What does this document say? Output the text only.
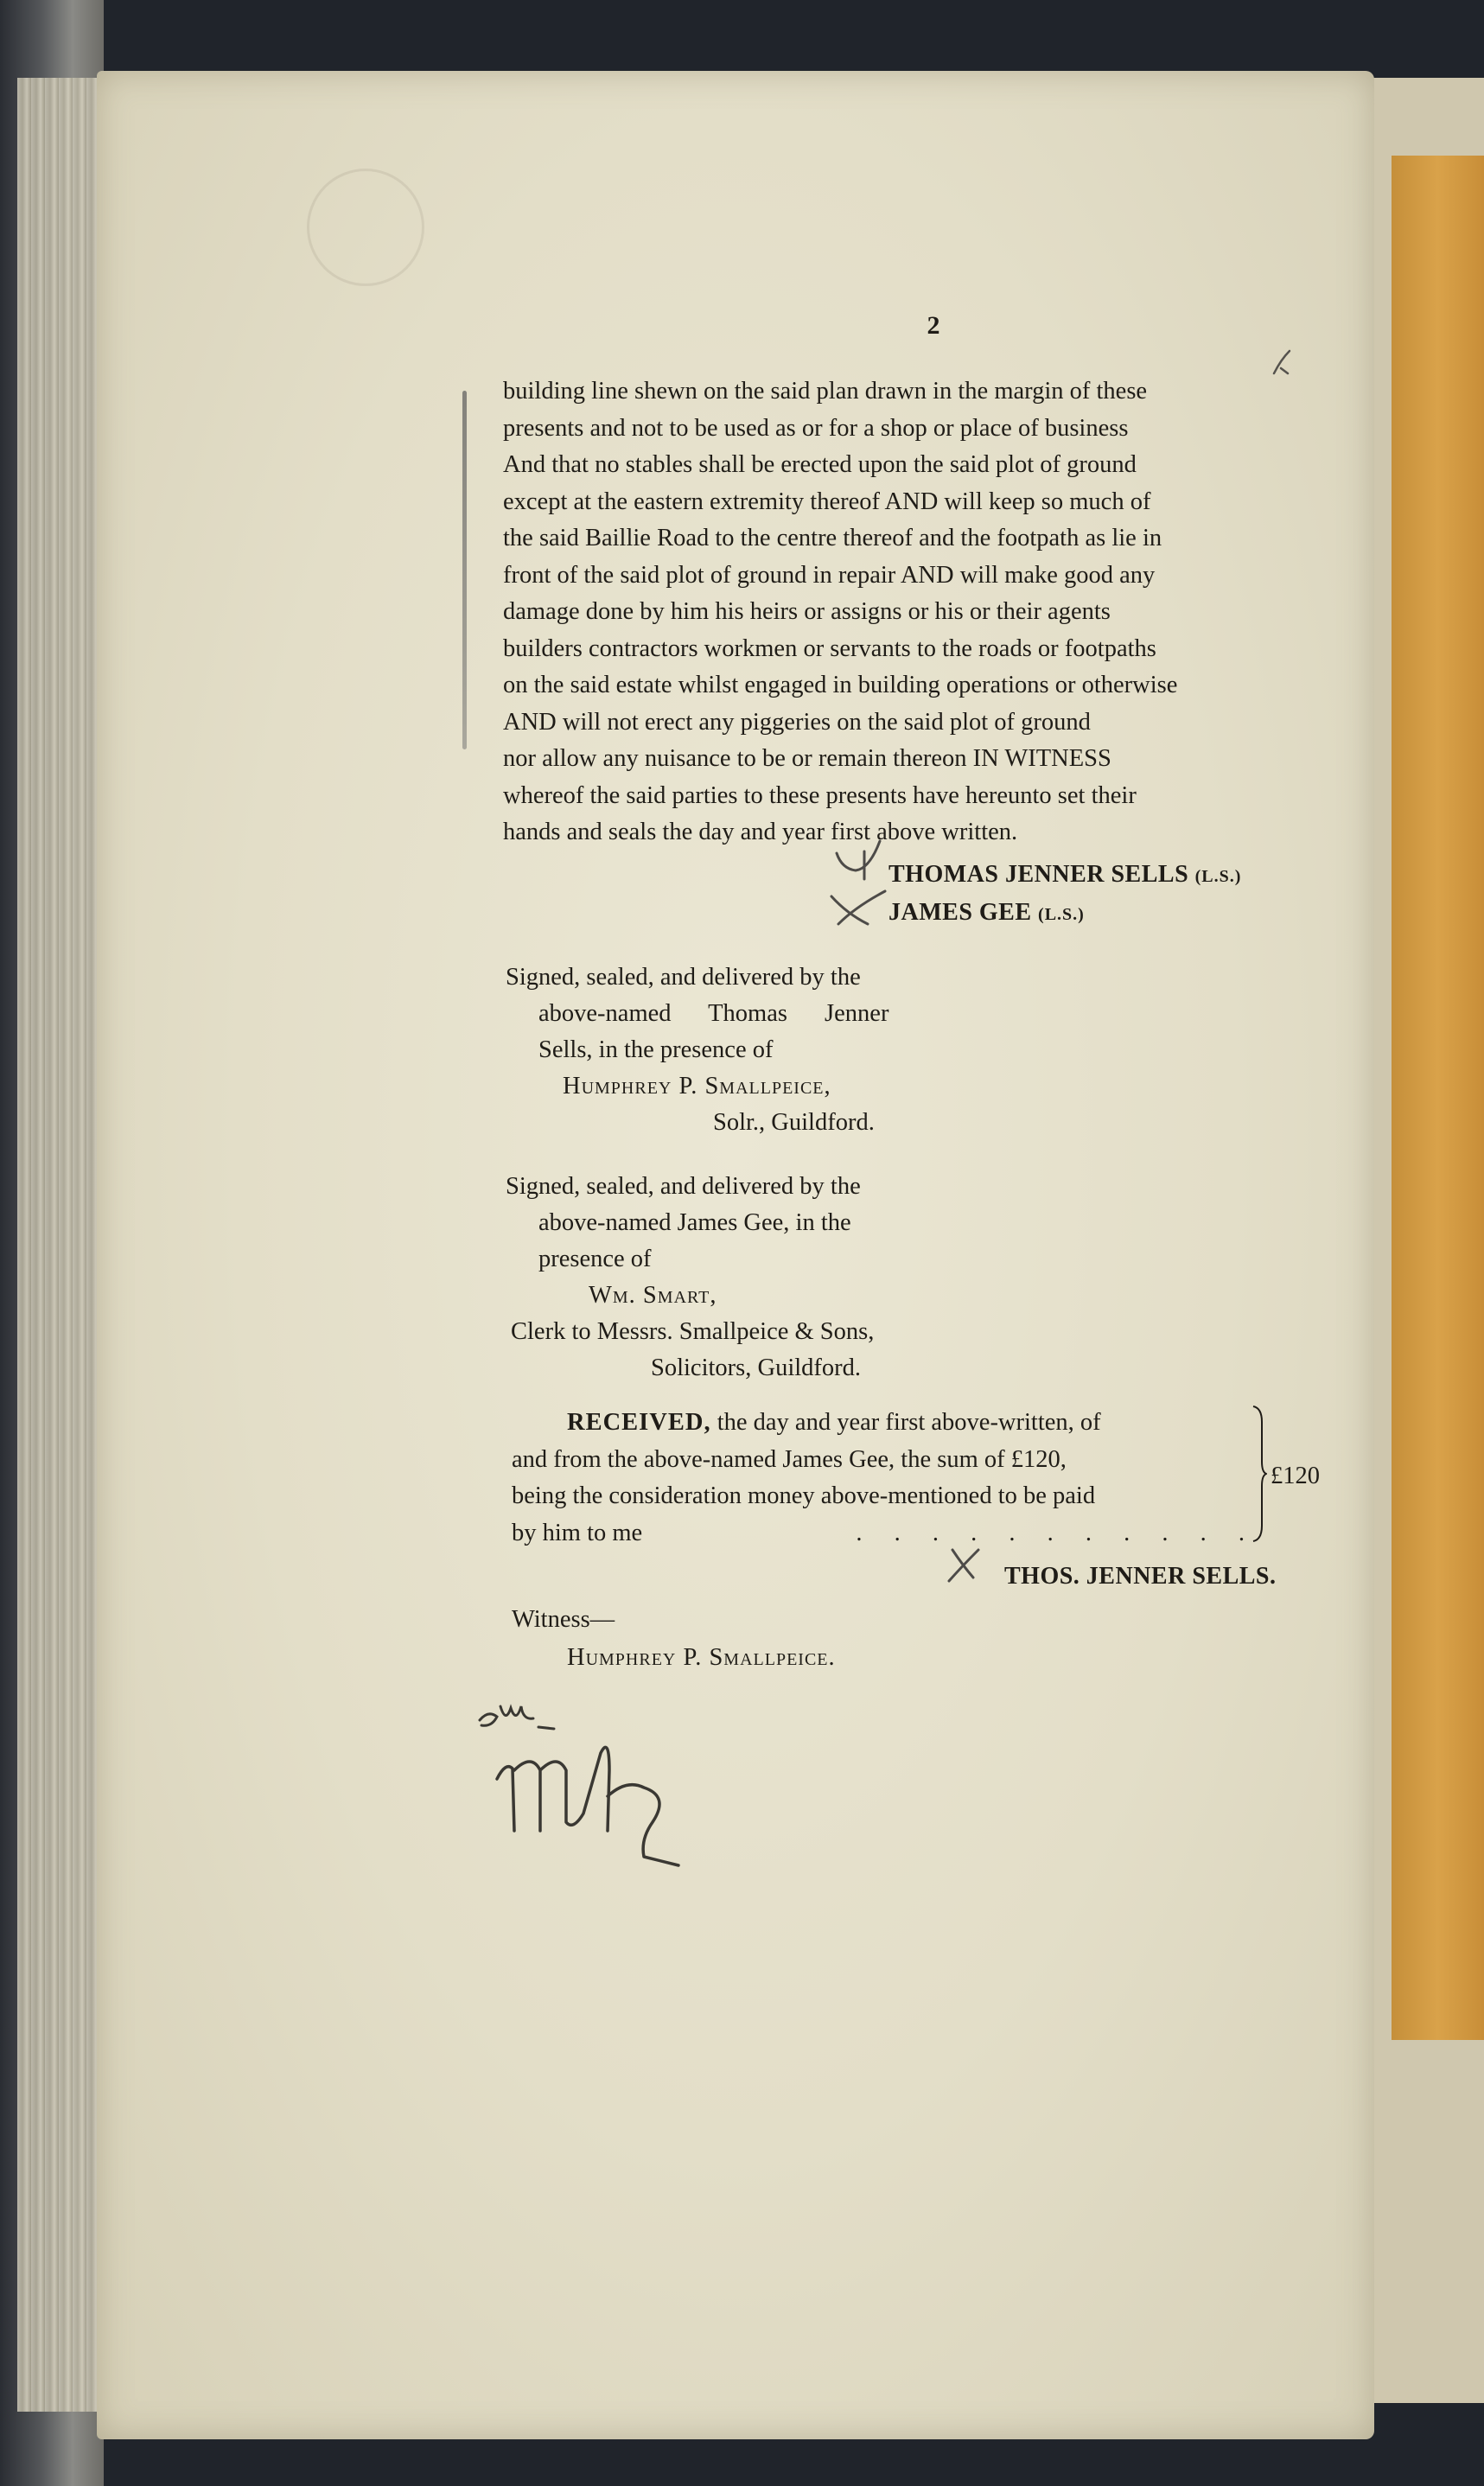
2
building line shewn on the said plan drawn in the margin of these
presents and not to be used as or for a shop or place of business
And that no stables shall be erected upon the said plot of ground
except at the eastern extremity thereof AND will keep so much of
the said Baillie Road to the centre thereof and the footpath as lie in
front of the said plot of ground in repair AND will make good any
damage done by him his heirs or assigns or his or their agents
builders contractors workmen or servants to the roads or footpaths
on the said estate whilst engaged in building operations or otherwise
AND will not erect any piggeries on the said plot of ground
nor allow any nuisance to be or remain thereon IN WITNESS
whereof the said parties to these presents have hereunto set their
hands and seals the day and year first above written.
THOMAS JENNER SELLS (L.S.)
JAMES GEE (L.S.)
Signed, sealed, and delivered by the
above-named Thomas Jenner
Sells, in the presence of
Humphrey P. Smallpeice,
Solr., Guildford.
Signed, sealed, and delivered by the
above-named James Gee, in the
presence of
Wm. Smart,
Clerk to Messrs. Smallpeice & Sons,
Solicitors, Guildford.
RECEIVED, the day and year first above-written, of
and from the above-named James Gee, the sum of £120,
being the consideration money above-mentioned to be paid
by him to me	. . . . . . . . . . .
£120
THOS. JENNER SELLS.
Witness—
Humphrey P. Smallpeice.
